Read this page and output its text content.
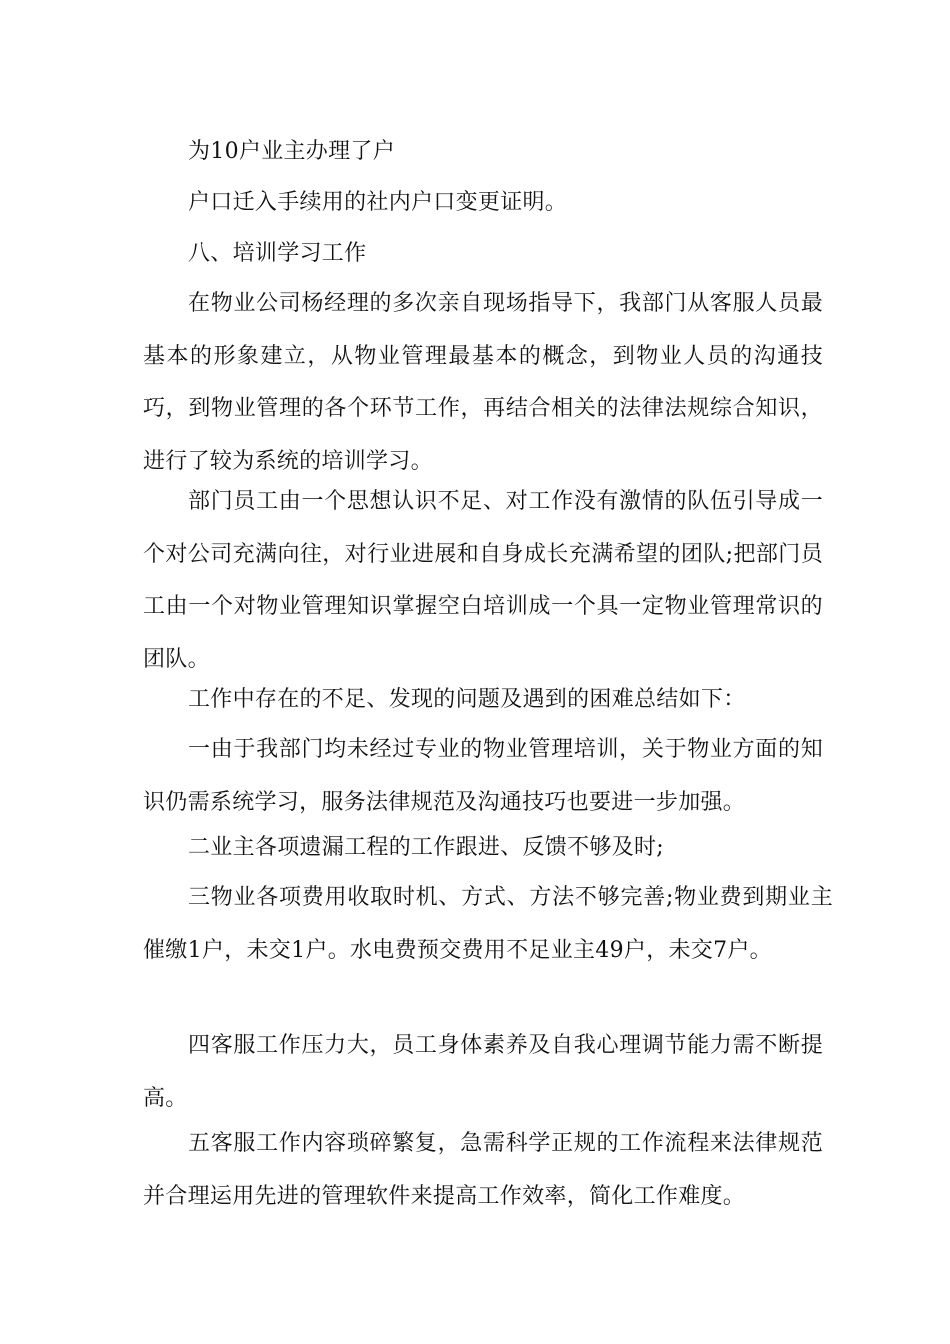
为10户业主办理了户

户口迁入手续用的社内户口变更证明。

八、培训学习工作

在物业公司杨经理的多次亲自现场指导下，我部门从客服人员最基本的形象建立，从物业管理最基本的概念，到物业人员的沟通技巧，到物业管理的各个环节工作，再结合相关的法律法规综合知识，进行了较为系统的培训学习。

部门员工由一个思想认识不足、对工作没有激情的队伍引导成一个对公司充满向往，对行业进展和自身成长充满希望的团队;把部门员工由一个对物业管理知识掌握空白培训成一个具一定物业管理常识的团队。

工作中存在的不足、发现的问题及遇到的困难总结如下：

一由于我部门均未经过专业的物业管理培训，关于物业方面的知识仍需系统学习，服务法律规范及沟通技巧也要进一步加强。

二业主各项遗漏工程的工作跟进、反馈不够及时;

三物业各项费用收取时机、方式、方法不够完善;物业费到期业主催缴1户，未交1户。水电费预交费用不足业主49户，未交7户。

四客服工作压力大，员工身体素养及自我心理调节能力需不断提高。

五客服工作内容琐碎繁复，急需科学正规的工作流程来法律规范并合理运用先进的管理软件来提高工作效率，简化工作难度。
